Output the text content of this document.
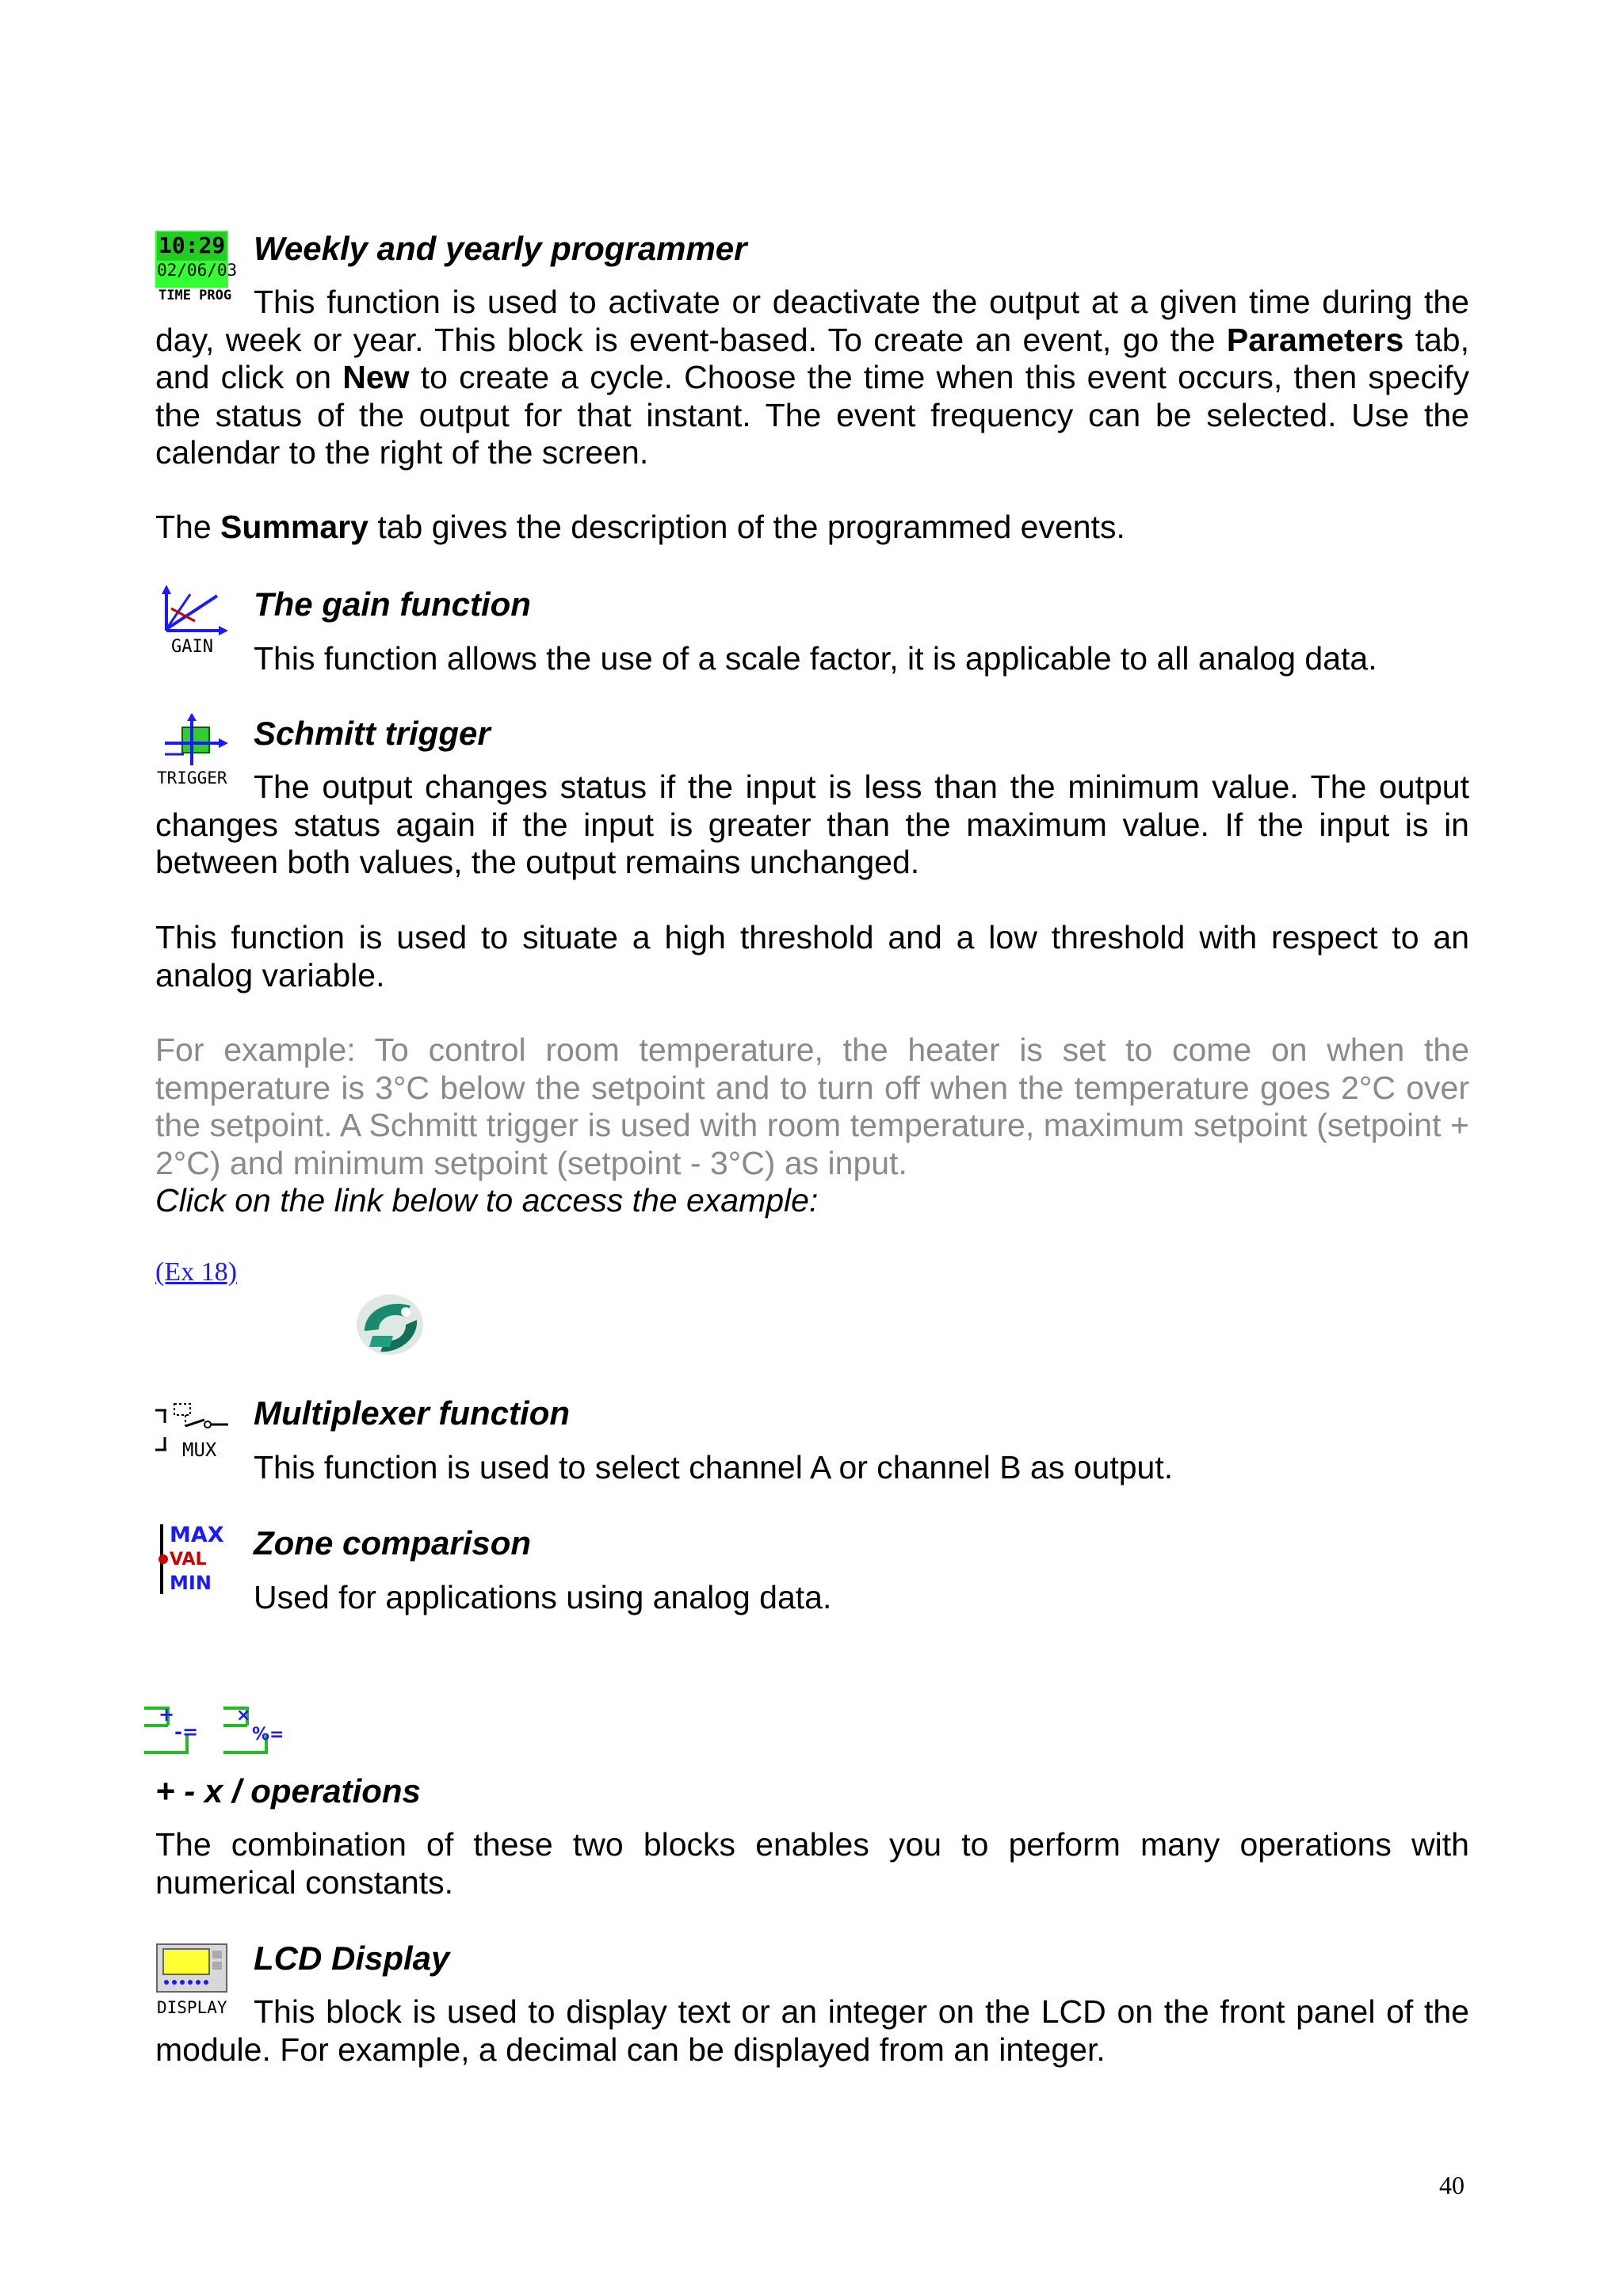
10:29
02/06/03
TIME PROG
Weekly and yearly programmer
This function is used to activate or deactivate the output at a given time during the day, week or year. This block is event-based. To create an event, go the Parameters tab, and click on New to create a cycle. Choose the time when this event occurs, then specify the status of the output for that instant. The event frequency can be selected. Use the calendar to the right of the screen.
The Summary tab gives the description of the programmed events.
GAIN
The gain function
This function allows the use of a scale factor, it is applicable to all analog data.
TRIGGER
Schmitt trigger
The output changes status if the input is less than the minimum value. The output changes status again if the input is greater than the maximum value. If the input is in between both values, the output remains unchanged.
This function is used to situate a high threshold and a low threshold with respect to an analog variable.
For example: To control room temperature, the heater is set to come on when the temperature is 3°C below the setpoint and to turn off when the temperature goes 2°C over the setpoint. A Schmitt trigger is used with room temperature, maximum setpoint (setpoint + 2°C) and minimum setpoint (setpoint - 3°C) as input.
Click on the link below to access the example:
(Ex 18)
MUX
Multiplexer function
This function is used to select channel A or channel B as output.
MAX
VAL
MIN
Zone comparison
Used for applications using analog data.
+
-=
×
%=
+ - x / operations
The combination of these two blocks enables you to perform many operations with numerical constants.
DISPLAY
LCD Display
This block is used to display text or an integer on the LCD on the front panel of the module. For example, a decimal can be displayed from an integer.
40
